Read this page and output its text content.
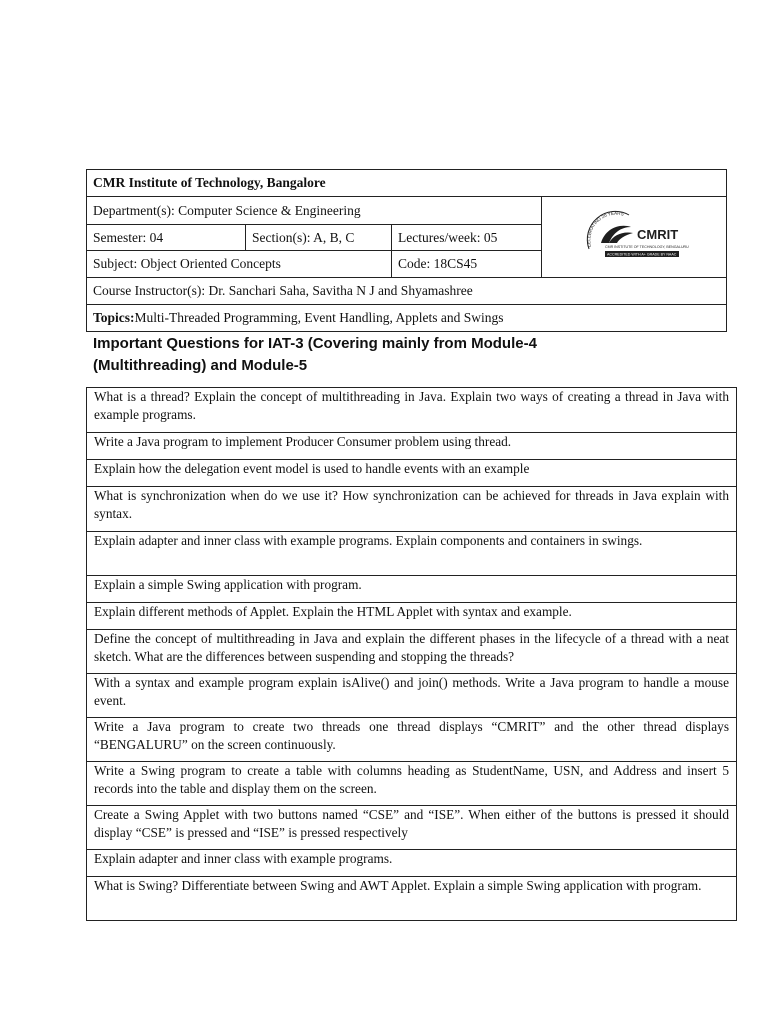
CMR Institute of Technology, Bangalore			
Department(s): Computer Science & Engineering			CELEBRATING 20 YEARS
CMRIT
CMR INSTITUTE OF TECHNOLOGY, BENGALURU
ACCREDITED WITH A+ GRADE BY NAAC

Semester: 04	Section(s): A, B, C	Lectures/week: 05	
Subject: Object Oriented Concepts		Code: 18CS45	
Course Instructor(s): Dr. Sanchari Saha, Savitha N J and Shyamashree			
Topics:Multi-Threaded Programming, Event Handling, Applets and Swings			
Important Questions for IAT-3 (Covering mainly from Module-4
(Multithreading) and Module-5
What is a thread? Explain the concept of multithreading in Java. Explain two ways of creating a thread in Java with example programs.
Write a Java program to implement Producer Consumer problem using thread.
Explain how the delegation event model is used to handle events with an example
What is synchronization when do we use it? How synchronization can be achieved for threads in Java explain with syntax.
Explain adapter and inner class with example programs. Explain components and containers in swings.
Explain a simple Swing application with program.
Explain different methods of Applet. Explain the HTML Applet with syntax and example.
Define the concept of multithreading in Java and explain the different phases in the lifecycle of a thread with a neat sketch. What are the differences between suspending and stopping the threads?
With a syntax and example program explain isAlive() and join() methods. Write a Java program to handle a mouse event.
Write a Java program to create two threads one thread displays “CMRIT” and the other thread displays “BENGALURU” on the screen continuously.
Write a Swing program to create a table with columns heading as StudentName, USN, and Address and insert 5 records into the table and display them on the screen.
Create a Swing Applet with two buttons named “CSE” and “ISE”. When either of the buttons is pressed it should display “CSE” is pressed and “ISE” is pressed respectively
Explain adapter and inner class with example programs.
What is Swing? Differentiate between Swing and AWT Applet. Explain a simple Swing application with program.
